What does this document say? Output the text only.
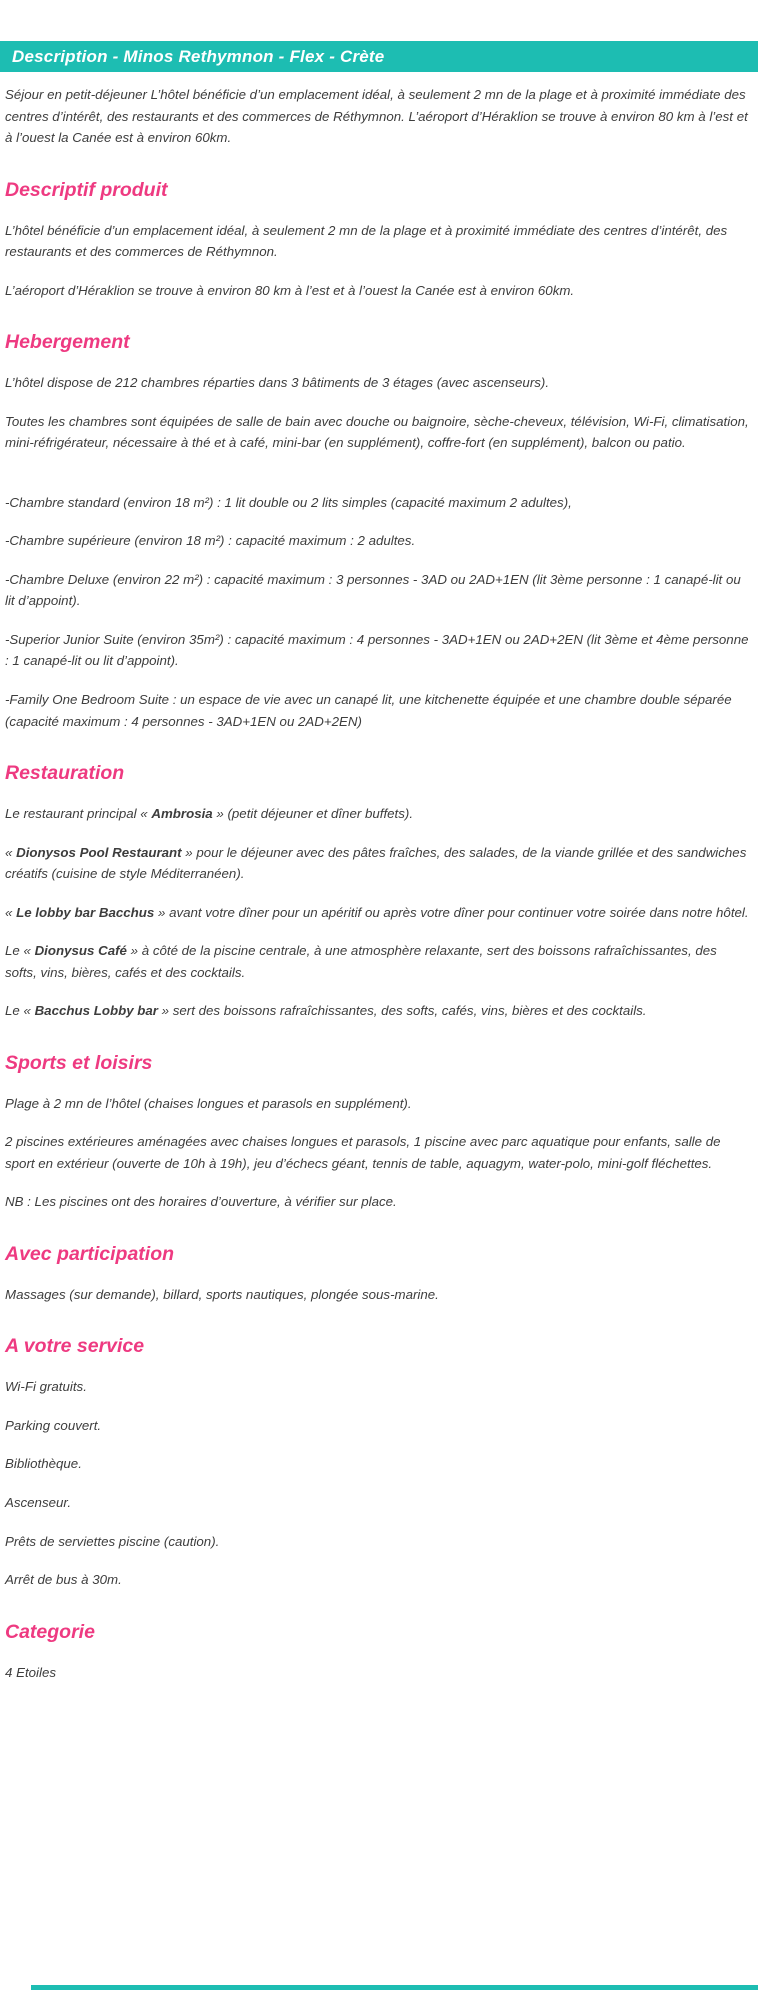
Description - Minos Rethymnon - Flex - Crète

Séjour en petit-déjeuner L’hôtel bénéficie d’un emplacement idéal, à seulement 2 mn de la plage et à proximité immédiate des centres d’intérêt, des restaurants et des commerces de Réthymnon. L’aéroport d’Héraklion se trouve à environ 80 km à l’est et à l’ouest la Canée est à environ 60km.

Descriptif produit

L’hôtel bénéficie d’un emplacement idéal, à seulement 2 mn de la plage et à proximité immédiate des centres d’intérêt, des restaurants et des commerces de Réthymnon.

L’aéroport d’Héraklion se trouve à environ 80 km à l’est et à l’ouest la Canée est à environ 60km.

Hebergement

L’hôtel dispose de 212 chambres réparties dans 3 bâtiments de 3 étages (avec ascenseurs).

Toutes les chambres sont équipées de salle de bain avec douche ou baignoire, sèche-cheveux, télévision, Wi-Fi, climatisation, mini-réfrigérateur, nécessaire à thé et à café, mini-bar (en supplément), coffre-fort (en supplément), balcon ou patio.

-Chambre standard (environ 18 m²) : 1 lit double ou 2 lits simples (capacité maximum 2 adultes),

-Chambre supérieure (environ 18 m²) : capacité maximum : 2 adultes.

-Chambre Deluxe (environ 22 m²) : capacité maximum : 3 personnes - 3AD ou 2AD+1EN (lit 3ème personne : 1 canapé-lit ou lit d’appoint).

-Superior Junior Suite (environ 35m²) : capacité maximum : 4 personnes - 3AD+1EN ou 2AD+2EN (lit 3ème et 4ème personne : 1 canapé-lit ou lit d’appoint).

-Family One Bedroom Suite : un espace de vie avec un canapé lit, une kitchenette équipée et une chambre double séparée (capacité maximum : 4 personnes - 3AD+1EN ou 2AD+2EN)

Restauration

Le restaurant principal « Ambrosia » (petit déjeuner et dîner buffets).

« Dionysos Pool Restaurant » pour le déjeuner avec des pâtes fraîches, des salades, de la viande grillée et des sandwiches créatifs (cuisine de style Méditerranéen).

« Le lobby bar Bacchus » avant votre dîner pour un apéritif ou après votre dîner pour continuer votre soirée dans notre hôtel.

Le « Dionysus Café » à côté de la piscine centrale, à une atmosphère relaxante, sert des boissons rafraîchissantes, des softs, vins, bières, cafés et des cocktails.

Le « Bacchus Lobby bar » sert des boissons rafraîchissantes, des softs, cafés, vins, bières et des cocktails.

Sports et loisirs

Plage à 2 mn de l’hôtel (chaises longues et parasols en supplément).

2 piscines extérieures aménagées avec chaises longues et parasols, 1 piscine avec parc aquatique pour enfants, salle de sport en extérieur (ouverte de 10h à 19h), jeu d’échecs géant, tennis de table, aquagym, water-polo, mini-golf fléchettes.

NB : Les piscines ont des horaires d’ouverture, à vérifier sur place.

Avec participation

Massages (sur demande), billard, sports nautiques, plongée sous-marine.

A votre service

Wi-Fi gratuits.

Parking couvert.

Bibliothèque.

Ascenseur.

Prêts de serviettes piscine (caution).

Arrêt de bus à 30m.

Categorie

4 Etoiles
